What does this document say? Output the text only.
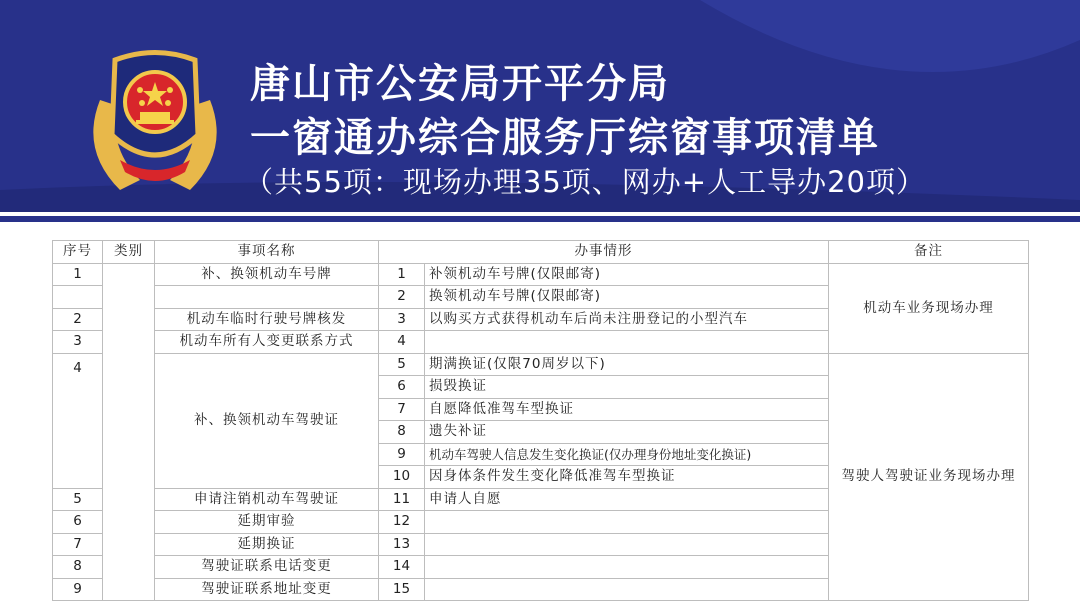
唐山市公安局开平分局
一窗通办综合服务厅综窗事项清单
（共55项：现场办理35项、网办+人工导办20项）
序号	类别	事项名称	办事情形		备注
1		补、换领机动车号牌	1	补领机动车号牌(仅限邮寄)	机动车业务现场办理
			2	换领机动车号牌(仅限邮寄)	
2		机动车临时行驶号牌核发	3	以购买方式获得机动车后尚未注册登记的小型汽车	
3		机动车所有人变更联系方式	4		
4		补、换领机动车驾驶证	5	期满换证(仅限70周岁以下)	驾驶人驾驶证业务现场办理
			6	损毁换证	
			7	自愿降低准驾车型换证	
			8	遗失补证	
			9	机动车驾驶人信息发生变化换证(仅办理身份地址变化换证)	
			10	因身体条件发生变化降低准驾车型换证	
5		申请注销机动车驾驶证	11	申请人自愿	
6		延期审验	12		
7		延期换证	13		
8		驾驶证联系电话变更	14		
9		驾驶证联系地址变更	15		
